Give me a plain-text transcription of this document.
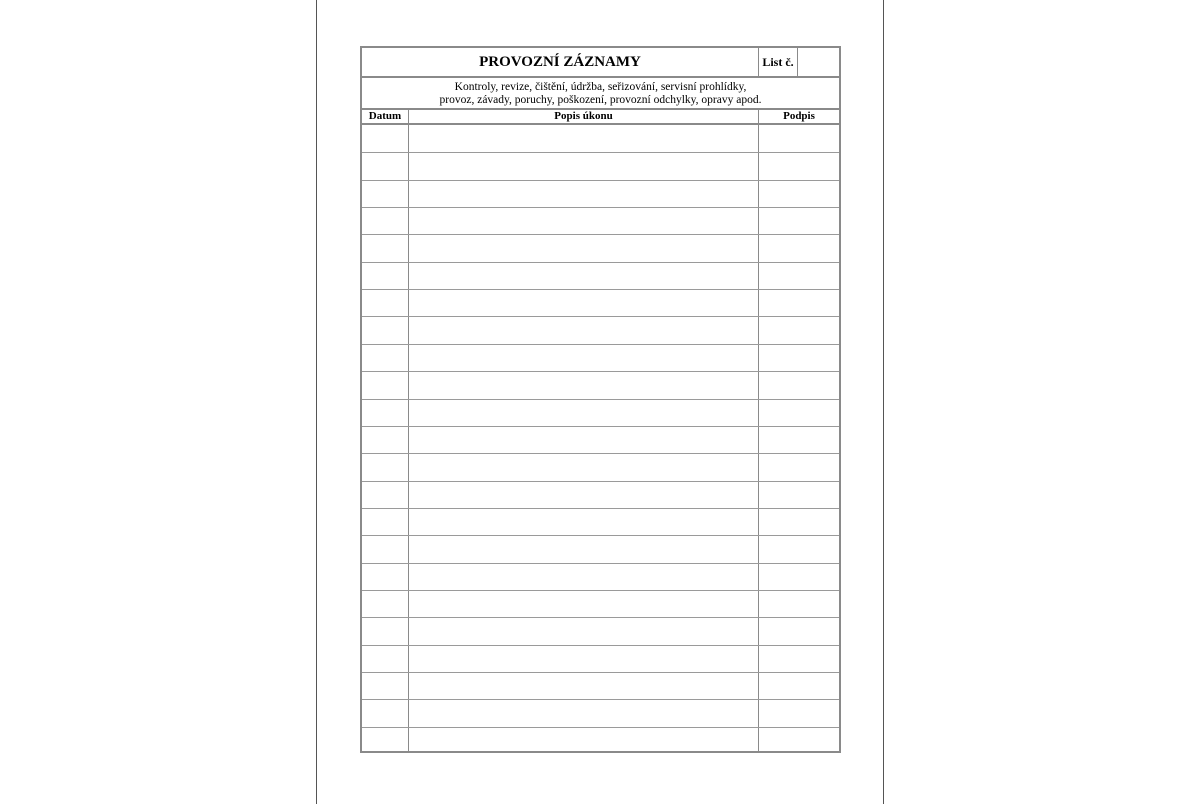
PROVOZNÍ ZÁZNAMY	List č.
Kontroly, revize, čištění, údržba, seřizování, servisní prohlídky,
provoz, závady, poruchy, poškození, provozní odchylky, opravy apod.
Datum	Popis úkonu	Podpis
